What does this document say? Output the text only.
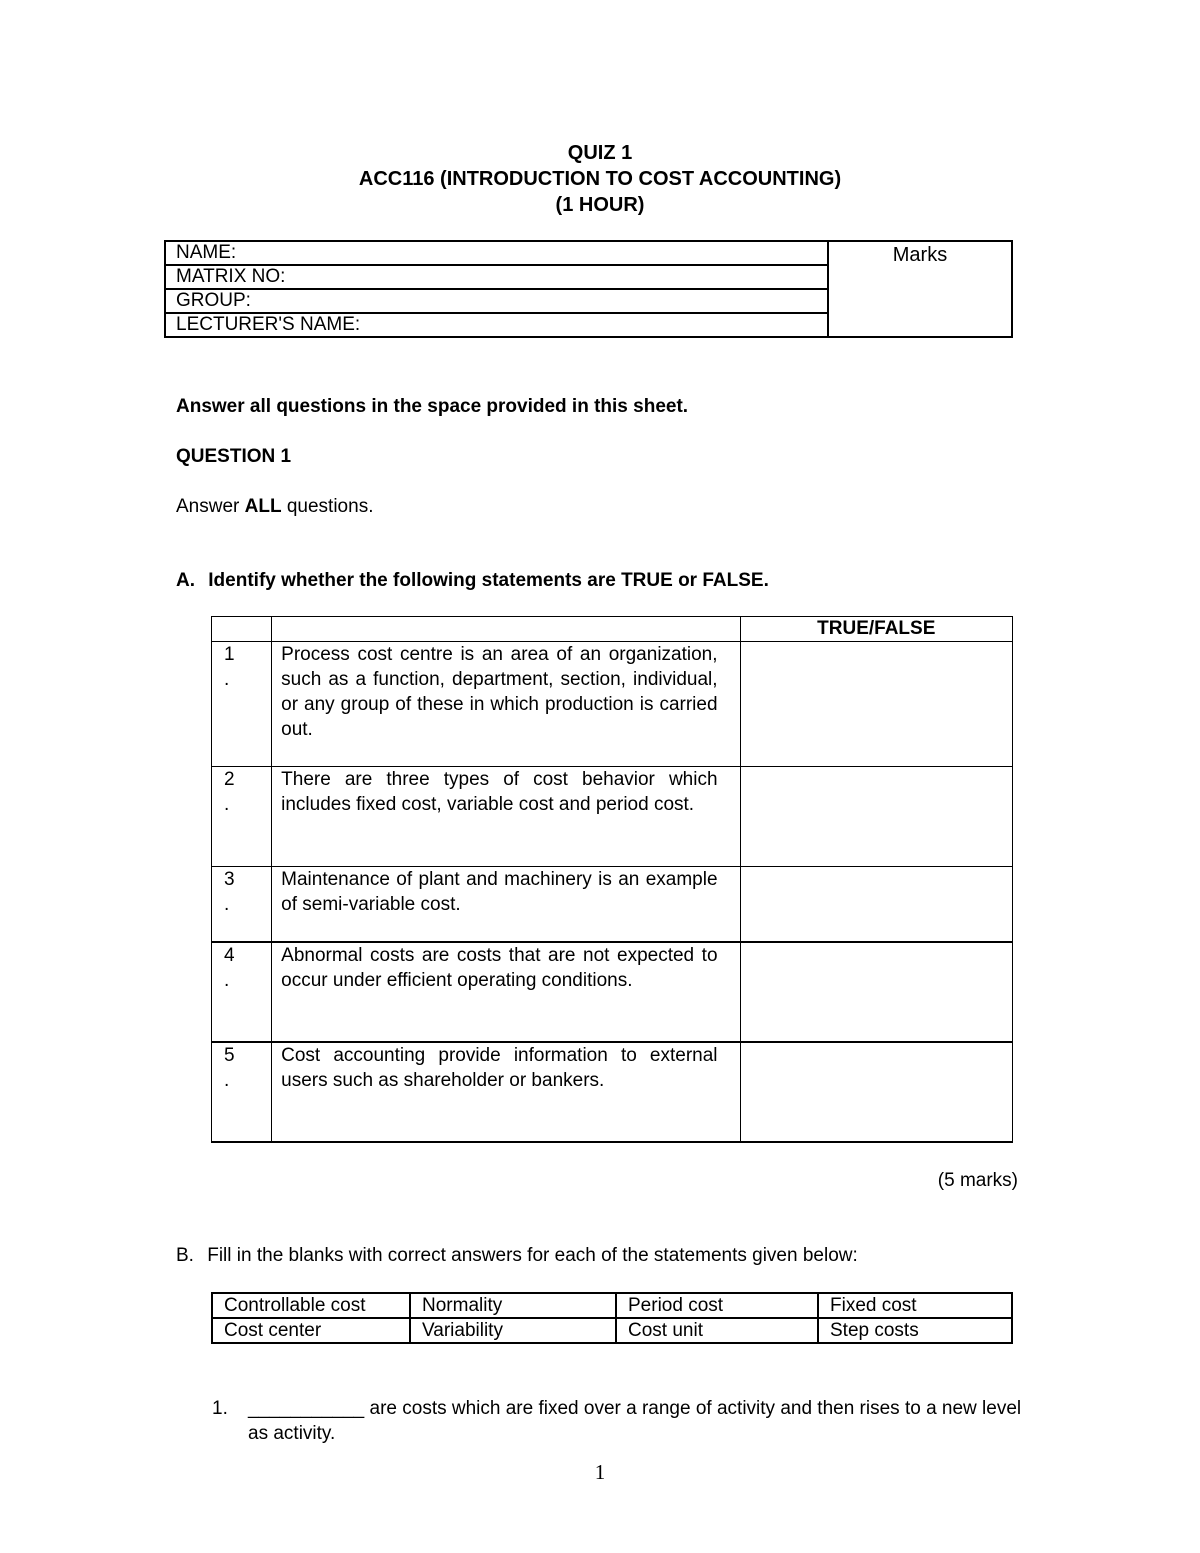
QUIZ 1
ACC116 (INTRODUCTION TO COST ACCOUNTING)
(1 HOUR)
NAME:	Marks
MATRIX NO:
GROUP:
LECTURER'S NAME:
Answer all questions in the space provided in this sheet.
QUESTION 1
Answer ALL questions.
A. Identify whether the following statements are TRUE or FALSE.
		TRUE/FALSE

1
.	Process cost centre is an area of an organization, such as a function, department, section, individual, or any group of these in which production is carried out.	

2
.	There are three types of cost behavior which includes fixed cost, variable cost and period cost.	

3
.	Maintenance of plant and machinery is an example of semi-variable cost.	

4
.	Abnormal costs are costs that are not expected to occur under efficient operating conditions.	

5
.	Cost accounting provide information to external users such as shareholder or bankers.	
(5 marks)
B. Fill in the blanks with correct answers for each of the statements given below:
Controllable cost	Normality	Period cost	Fixed cost
Cost center	Variability	Cost unit	Step costs
1. ___________ are costs which are fixed over a range of activity and then rises to a new level as activity.
1
